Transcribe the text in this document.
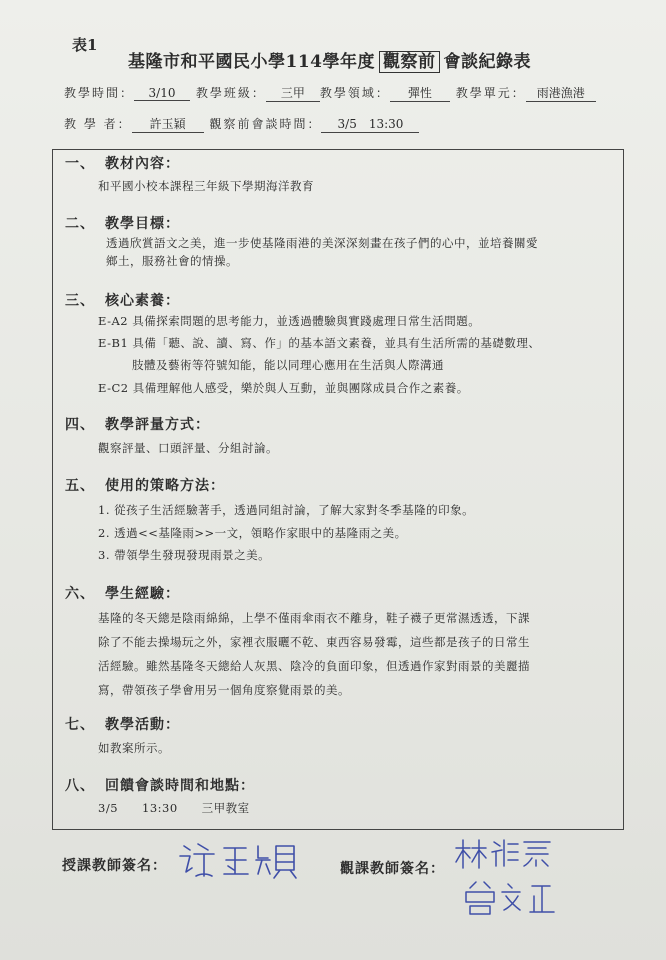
表1
基隆市和平國民小學114學年度 觀察前 會談紀錄表
教學時間： 3/10 教學班級： 三甲 教學領域： 彈性 教學單元： 雨港漁港
教 學 者： 許玉穎 觀察前會談時間： 3/5　13:30
一、 教材內容：
和平國小校本課程三年級下學期海洋教育
二、 教學目標：
透過欣賞語文之美，進一步使基隆雨港的美深深刻畫在孩子們的心中，並培養關愛
鄉土，服務社會的情操。
三、 核心素養：
E-A2 具備探索問題的思考能力，並透過體驗與實踐處理日常生活問題。
E-B1 具備「聽、說、讀、寫、作」的基本語文素養，並具有生活所需的基礎數理、
肢體及藝術等符號知能，能以同理心應用在生活與人際溝通
E-C2 具備理解他人感受，樂於與人互動，並與團隊成員合作之素養。
四、 教學評量方式：
觀察評量、口頭評量、分組討論。
五、 使用的策略方法：
1. 從孩子生活經驗著手，透過同組討論，了解大家對冬季基隆的印象。
2. 透過<<基隆雨>>一文，領略作家眼中的基隆雨之美。
3. 帶領學生發現發現雨景之美。
六、 學生經驗：
基隆的冬天總是陰雨綿綿，上學不僅雨傘雨衣不離身，鞋子襪子更常濕透透，下課
除了不能去操場玩之外，家裡衣服曬不乾、東西容易發霉，這些都是孩子的日常生
活經驗。雖然基隆冬天總給人灰黑、陰冷的負面印象，但透過作家對雨景的美麗描
寫，帶領孩子學會用另一個角度察覺雨景的美。
七、 教學活動：
如教案所示。
八、 回饋會談時間和地點：
3/5　　13:30　　三甲教室
授課教師簽名：	觀課教師簽名：
